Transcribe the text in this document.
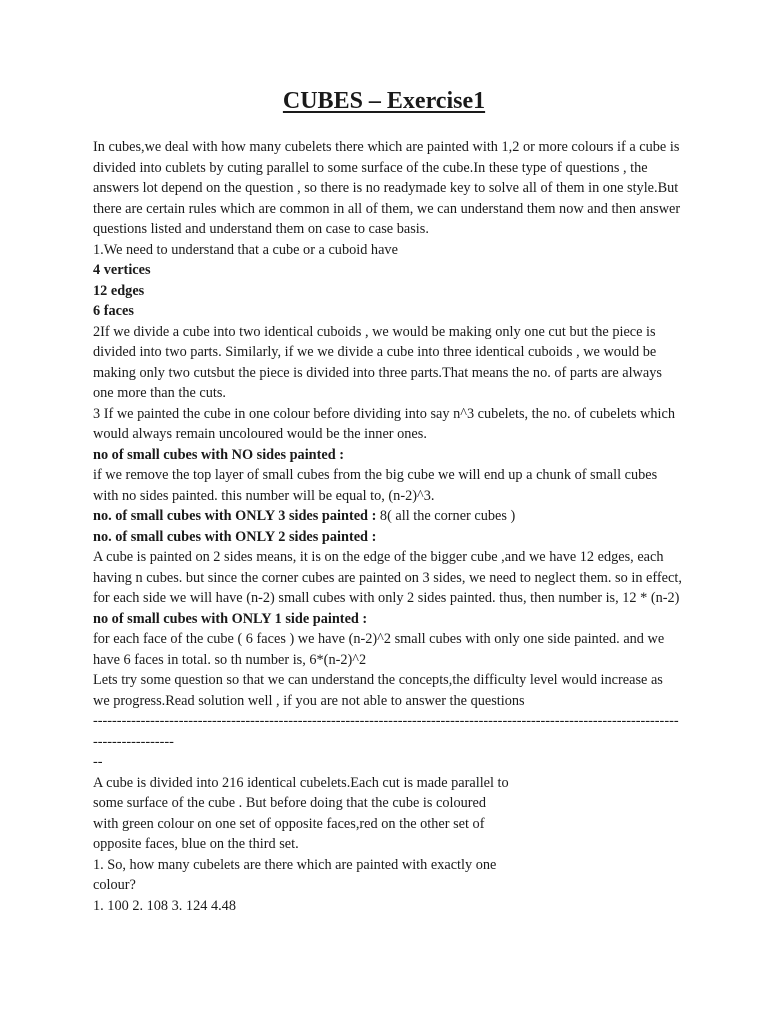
CUBES – Exercise1

In cubes,we deal with how many cubelets there which are painted with 1,2 or more colours if a cube is divided into cublets by cuting parallel to some surface of the cube.In these type of questions , the answers lot depend on the question , so there is no readymade key to solve all of them in one style.But there are certain rules which are common in all of them, we can understand them now and then answer questions listed and understand them on case to case basis.

1.We need to understand that a cube or a cuboid have

4 vertices

12 edges

6 faces

2If we divide a cube into two identical cuboids , we would be making only one cut but the piece is divided into two parts. Similarly, if we we divide a cube into three identical cuboids , we would be making only two cutsbut the piece is divided into three parts.That means the no. of parts are always one more than the cuts.

3 If we painted the cube in one colour before dividing into say n^3 cubelets, the no. of cubelets which would always remain uncoloured would be the inner ones.

no of small cubes with NO sides painted :

if we remove the top layer of small cubes from the big cube we will end up a chunk of small cubes with no sides painted. this number will be equal to, (n-2)^3.

no. of small cubes with ONLY 3 sides painted : 8( all the corner cubes )

no. of small cubes with ONLY 2 sides painted :

A cube is painted on 2 sides means, it is on the edge of the bigger cube ,and we have 12 edges, each having n cubes. but since the corner cubes are painted on 3 sides, we need to neglect them. so in effect, for each side we will have (n-2) small cubes with only 2 sides painted. thus, then number is, 12 * (n-2)

no of small cubes with ONLY 1 side painted :

for each face of the cube ( 6 faces ) we have (n-2)^2 small cubes with only one side painted. and we have 6 faces in total. so th number is, 6*(n-2)^2

Lets try some question so that we can understand the concepts,the difficulty level would increase as we progress.Read solution well , if you are not able to answer the questions

---------------------------------------------------------------------------------------------------------------------------

-----------------

--

A cube is divided into 216 identical cubelets.Each cut is made parallel to some surface of the cube . But before doing that the cube is coloured with green colour on one set of opposite faces,red on the other set of opposite faces, blue on the third set.

1. So, how many cubelets are there which are painted with exactly one colour?

1. 100 2. 108 3. 124 4.48
